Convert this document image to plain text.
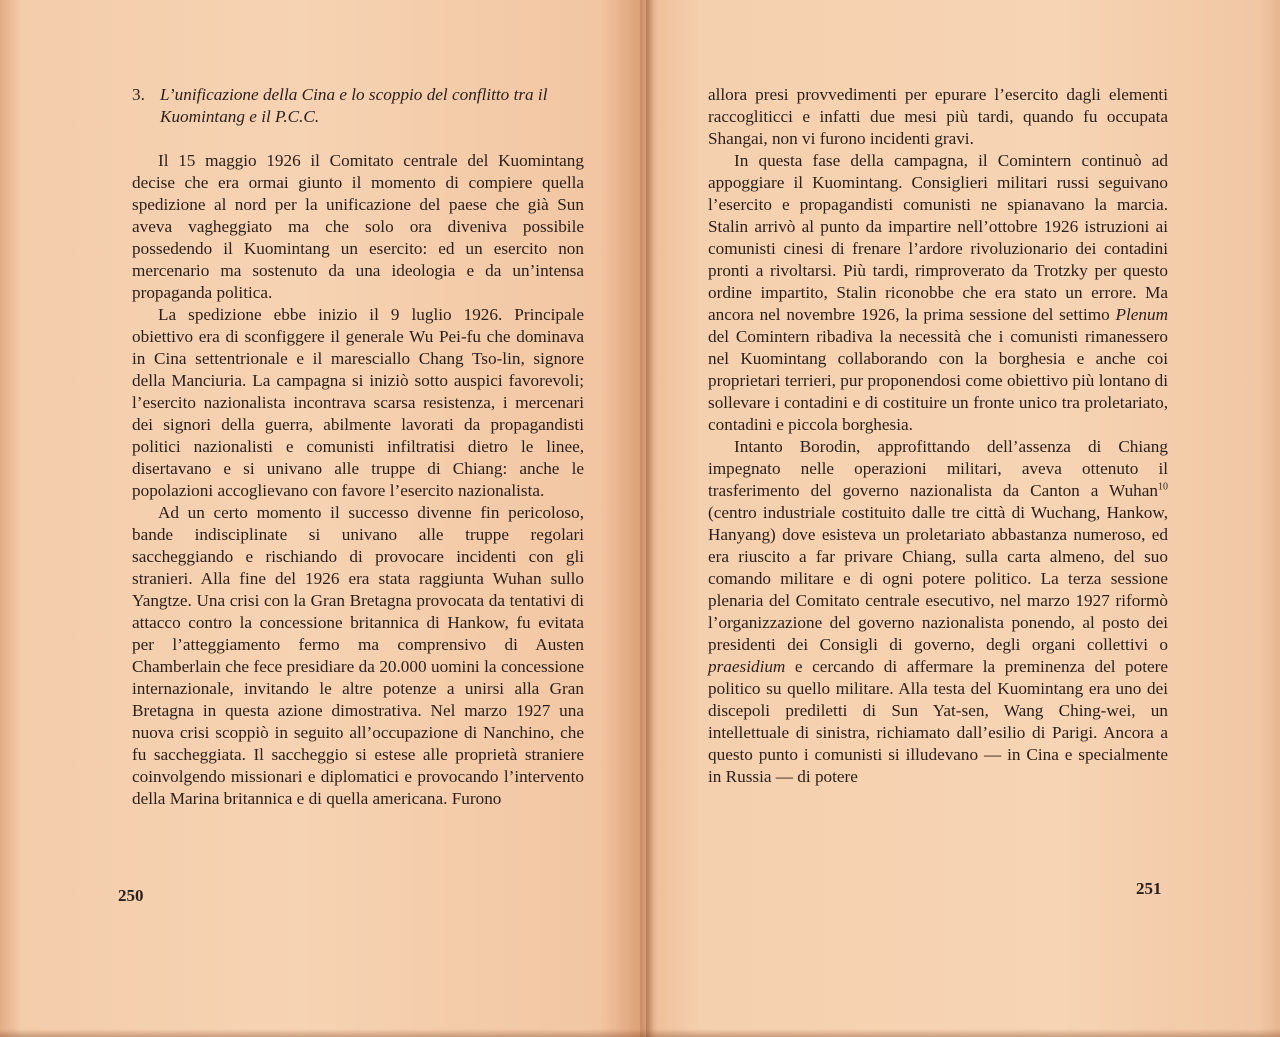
3. L’unificazione della Cina e lo scoppio del conflitto tra il Kuomintang e il P.C.C.

Il 15 maggio 1926 il Comitato centrale del Kuomintang decise che era ormai giunto il momento di compiere quella spedizione al nord per la unificazione del paese che già Sun aveva vagheggiato ma che solo ora diveniva possibile possedendo il Kuomintang un esercito: ed un esercito non mercenario ma sostenuto da una ideologia e da un’intensa propaganda politica.

La spedizione ebbe inizio il 9 luglio 1926. Principale obiettivo era di sconfiggere il generale Wu Pei-fu che dominava in Cina settentrionale e il maresciallo Chang Tso-lin, signore della Manciuria. La campagna si iniziò sotto auspici favorevoli; l’esercito nazionalista incontrava scarsa resistenza, i mercenari dei signori della guerra, abilmente lavorati da propagandisti politici nazionalisti e comunisti infiltratisi dietro le linee, disertavano e si univano alle truppe di Chiang: anche le popolazioni accoglievano con favore l’esercito nazionalista.

Ad un certo momento il successo divenne fin pericoloso, bande indisciplinate si univano alle truppe regolari saccheggiando e rischiando di provocare incidenti con gli stranieri. Alla fine del 1926 era stata raggiunta Wuhan sullo Yangtze. Una crisi con la Gran Bretagna provocata da tentativi di attacco contro la concessione britannica di Hankow, fu evitata per l’atteggiamento fermo ma comprensivo di Austen Chamberlain che fece presidiare da 20.000 uomini la concessione internazionale, invitando le altre potenze a unirsi alla Gran Bretagna in questa azione dimostrativa. Nel marzo 1927 una nuova crisi scoppiò in seguito all’occupazione di Nanchino, che fu saccheggiata. Il saccheggio si estese alle proprietà straniere coinvolgendo missionari e diplomatici e provocando l’intervento della Marina britannica e di quella americana. Furono

250

allora presi provvedimenti per epurare l’esercito dagli elementi raccogliticci e infatti due mesi più tardi, quando fu occupata Shangai, non vi furono incidenti gravi.

In questa fase della campagna, il Comintern continuò ad appoggiare il Kuomintang. Consiglieri militari russi seguivano l’esercito e propagandisti comunisti ne spianavano la marcia. Stalin arrivò al punto da impartire nell’ottobre 1926 istruzioni ai comunisti cinesi di frenare l’ardore rivoluzionario dei contadini pronti a rivoltarsi. Più tardi, rimproverato da Trotzky per questo ordine impartito, Stalin riconobbe che era stato un errore. Ma ancora nel novembre 1926, la prima sessione del settimo Plenum del Comintern ribadiva la necessità che i comunisti rimanessero nel Kuomintang collaborando con la borghesia e anche coi proprietari terrieri, pur proponendosi come obiettivo più lontano di sollevare i contadini e di costituire un fronte unico tra proletariato, contadini e piccola borghesia.

Intanto Borodin, approfittando dell’assenza di Chiang impegnato nelle operazioni militari, aveva ottenuto il trasferimento del governo nazionalista da Canton a Wuhan$^{10}$ (centro industriale costituito dalle tre città di Wuchang, Hankow, Hanyang) dove esisteva un proletariato abbastanza numeroso, ed era riuscito a far privare Chiang, sulla carta almeno, del suo comando militare e di ogni potere politico. La terza sessione plenaria del Comitato centrale esecutivo, nel marzo 1927 riformò l’organizzazione del governo nazionalista ponendo, al posto dei presidenti dei Consigli di governo, degli organi collettivi o praesidium e cercando di affermare la preminenza del potere politico su quello militare. Alla testa del Kuomintang era uno dei discepoli prediletti di Sun Yat-sen, Wang Ching-wei, un intellettuale di sinistra, richiamato dall’esilio di Parigi. Ancora a questo punto i comunisti si illudevano — in Cina e specialmente in Russia — di potere

251
